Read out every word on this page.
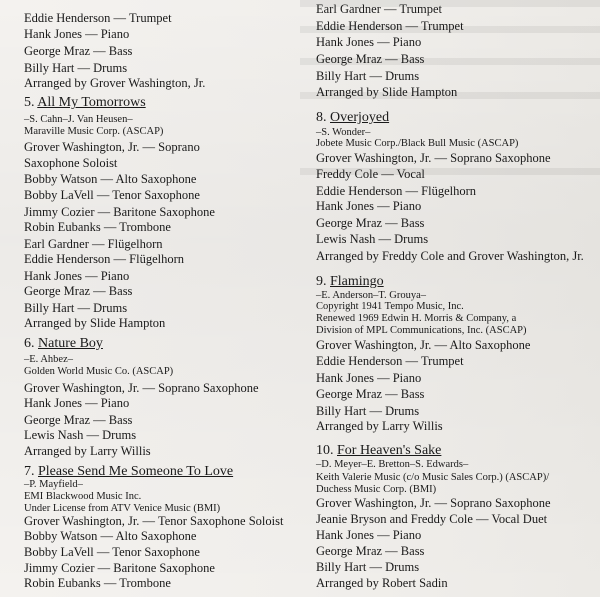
Eddie Henderson — Trumpet
Hank Jones — Piano
George Mraz — Bass
Billy Hart — Drums
Arranged by Grover Washington, Jr.
5. All My Tomorrows
–S. Cahn–J. Van Heusen–
Maraville Music Corp. (ASCAP)
Grover Washington, Jr. — Soprano
Saxophone Soloist
Bobby Watson — Alto Saxophone
Bobby LaVell — Tenor Saxophone
Jimmy Cozier — Baritone Saxophone
Robin Eubanks — Trombone
Earl Gardner — Flügelhorn
Eddie Henderson — Flügelhorn
Hank Jones — Piano
George Mraz — Bass
Billy Hart — Drums
Arranged by Slide Hampton
6. Nature Boy
–E. Ahbez–
Golden World Music Co. (ASCAP)
Grover Washington, Jr. — Soprano Saxophone
Hank Jones — Piano
George Mraz — Bass
Lewis Nash — Drums
Arranged by Larry Willis
7. Please Send Me Someone To Love
–P. Mayfield–
EMI Blackwood Music Inc.
Under License from ATV Venice Music (BMI)
Grover Washington, Jr. — Tenor Saxophone Soloist
Bobby Watson — Alto Saxophone
Bobby LaVell — Tenor Saxophone
Jimmy Cozier — Baritone Saxophone
Robin Eubanks — Trombone
Earl Gardner — Trumpet
Eddie Henderson — Trumpet
Hank Jones — Piano
George Mraz — Bass
Billy Hart — Drums
Arranged by Slide Hampton
8. Overjoyed
–S. Wonder–
Jobete Music Corp./Black Bull Music (ASCAP)
Grover Washington, Jr. — Soprano Saxophone
Freddy Cole — Vocal
Eddie Henderson — Flügelhorn
Hank Jones — Piano
George Mraz — Bass
Lewis Nash — Drums
Arranged by Freddy Cole and Grover Washington, Jr.
9. Flamingo
–E. Anderson–T. Grouya–
Copyright 1941 Tempo Music, Inc.
Renewed 1969 Edwin H. Morris & Company, a
Division of MPL Communications, Inc. (ASCAP)
Grover Washington, Jr. — Alto Saxophone
Eddie Henderson — Trumpet
Hank Jones — Piano
George Mraz — Bass
Billy Hart — Drums
Arranged by Larry Willis
10. For Heaven's Sake
–D. Meyer–E. Bretton–S. Edwards–
Keith Valerie Music (c/o Music Sales Corp.) (ASCAP)/
Duchess Music Corp. (BMI)
Grover Washington, Jr. — Soprano Saxophone
Jeanie Bryson and Freddy Cole — Vocal Duet
Hank Jones — Piano
George Mraz — Bass
Billy Hart — Drums
Arranged by Robert Sadin
